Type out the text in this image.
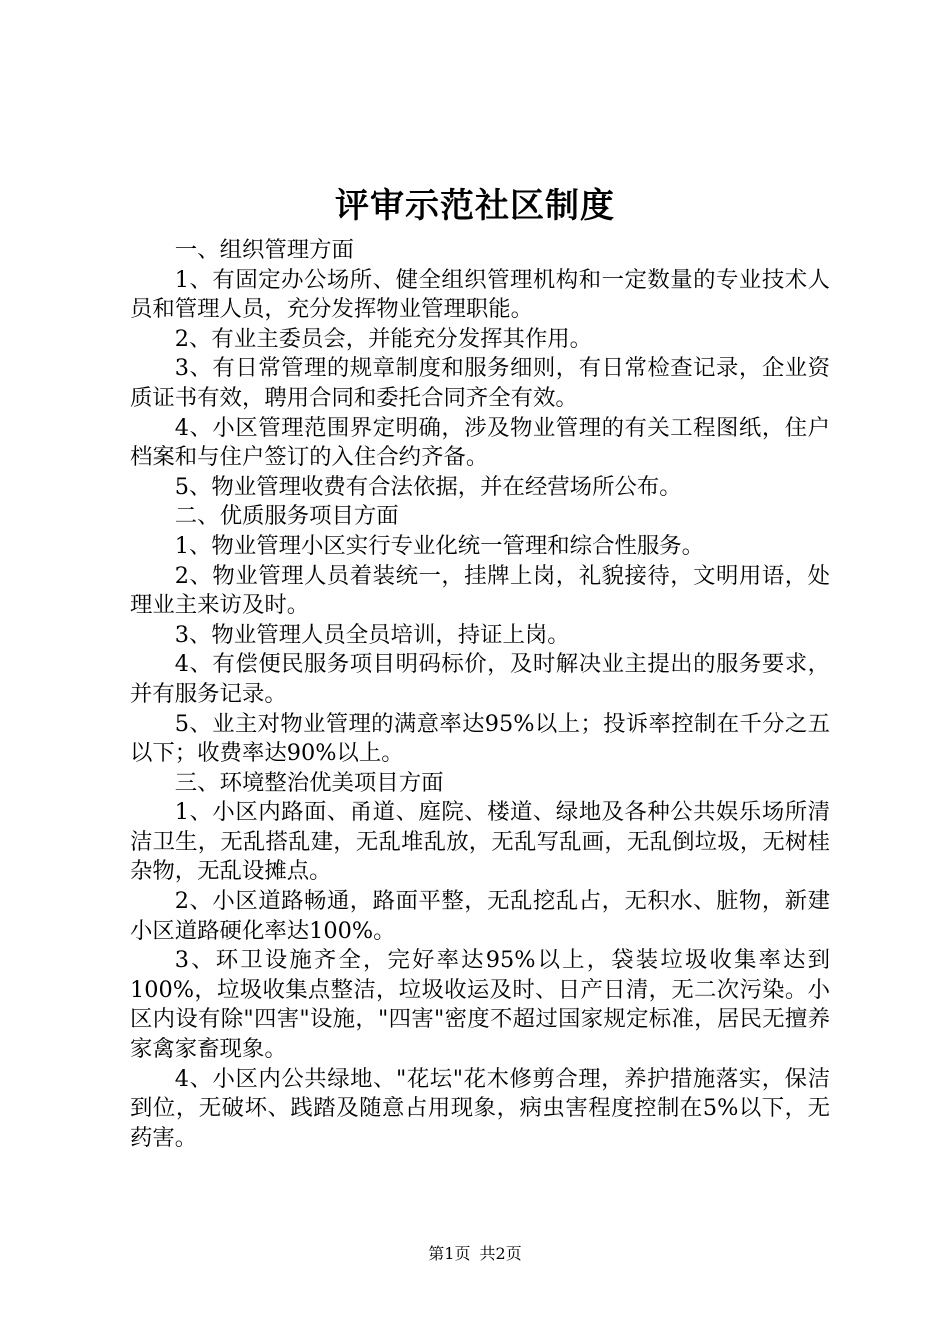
评审示范社区制度

一、组织管理方面

1、有固定办公场所、健全组织管理机构和一定数量的专业技术人员和管理人员，充分发挥物业管理职能。

2、有业主委员会，并能充分发挥其作用。

3、有日常管理的规章制度和服务细则，有日常检查记录，企业资质证书有效，聘用合同和委托合同齐全有效。

4、小区管理范围界定明确，涉及物业管理的有关工程图纸，住户档案和与住户签订的入住合约齐备。

5、物业管理收费有合法依据，并在经营场所公布。

二、优质服务项目方面

1、物业管理小区实行专业化统一管理和综合性服务。

2、物业管理人员着装统一，挂牌上岗，礼貌接待，文明用语，处理业主来访及时。

3、物业管理人员全员培训，持证上岗。

4、有偿便民服务项目明码标价，及时解决业主提出的服务要求，并有服务记录。

5、业主对物业管理的满意率达95%以上；投诉率控制在千分之五以下；收费率达90%以上。

三、环境整治优美项目方面

1、小区内路面、甬道、庭院、楼道、绿地及各种公共娱乐场所清洁卫生，无乱搭乱建，无乱堆乱放，无乱写乱画，无乱倒垃圾，无树桂杂物，无乱设摊点。

2、小区道路畅通，路面平整，无乱挖乱占，无积水、脏物，新建小区道路硬化率达100%。

3、环卫设施齐全，完好率达95%以上，袋装垃圾收集率达到100%，垃圾收集点整洁，垃圾收运及时、日产日清，无二次污染。小区内设有除"四害"设施，"四害"密度不超过国家规定标准，居民无擅养家禽家畜现象。

4、小区内公共绿地、"花坛"花木修剪合理，养护措施落实，保洁到位，无破坏、践踏及随意占用现象，病虫害程度控制在5%以下，无药害。

第1页 共2页
